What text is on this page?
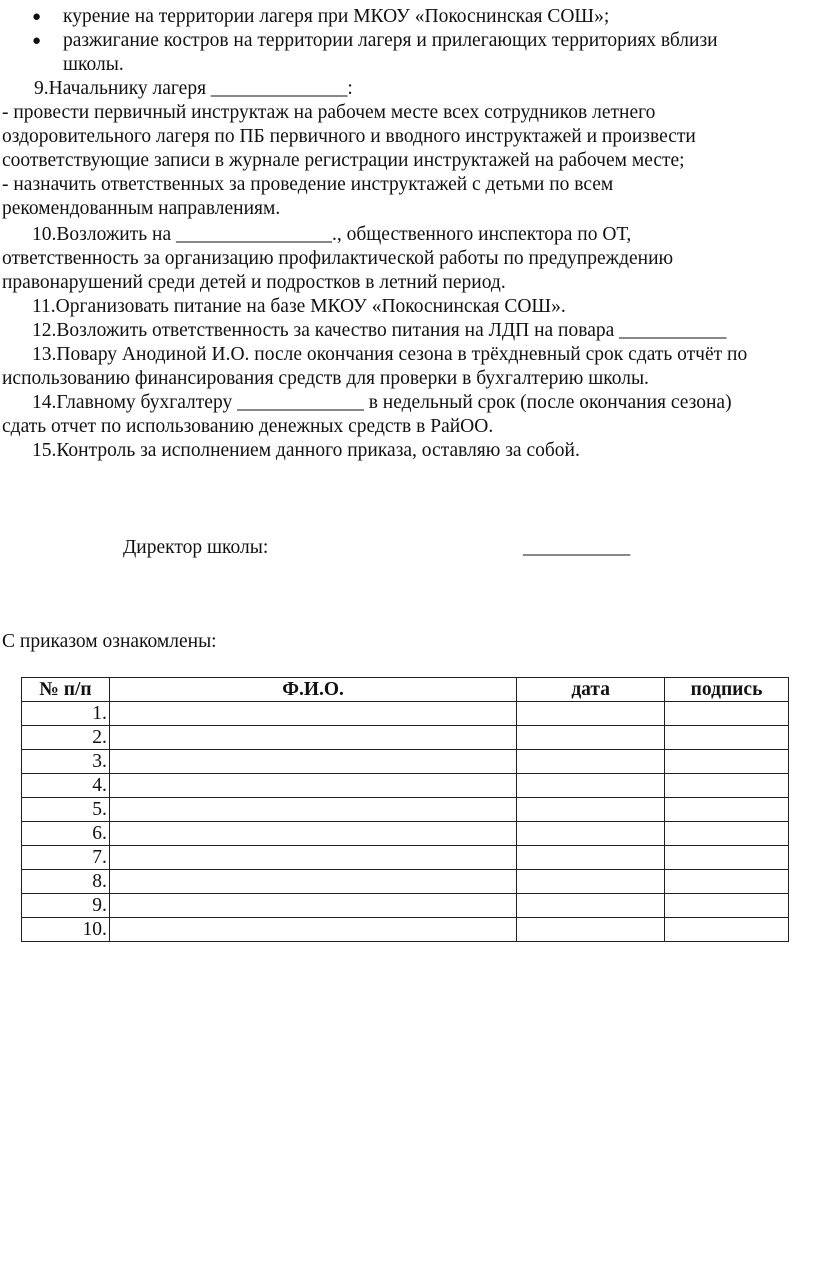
● курение на территории лагеря при МКОУ «Покоснинская СОШ»;
● разжигание костров на территории лагеря и прилегающих территориях вблизи школы.
9.Начальнику лагеря ______________:
- провести первичный инструктаж на рабочем месте всех сотрудников летнего
оздоровительного лагеря по ПБ первичного и вводного инструктажей и произвести
соответствующие записи в журнале регистрации инструктажей на рабочем месте;
- назначить ответственных за проведение инструктажей с детьми по всем
рекомендованным направлениям.
10.Возложить на ________________., общественного инспектора по ОТ,
ответственность за организацию профилактической работы по предупреждению
правонарушений среди детей и подростков в летний период.
11.Организовать питание на базе МКОУ «Покоснинская СОШ».
12.Возложить ответственность за качество питания на ЛДП на повара ___________
13.Повару Анодиной И.О. после окончания сезона в трёхдневный срок сдать отчёт по
использованию финансирования средств для проверки в бухгалтерию школы.
14.Главному бухгалтеру _____________ в недельный срок (после окончания сезона)
сдать отчет по использованию денежных средств в РайОО.
15.Контроль за исполнением данного приказа, оставляю за собой.
Директор школы:	___________
С приказом ознакомлены:
№ п/п	Ф.И.О.	дата	подпись
1.			
2.			
3.			
4.			
5.			
6.			
7.			
8.			
9.			
10.			
